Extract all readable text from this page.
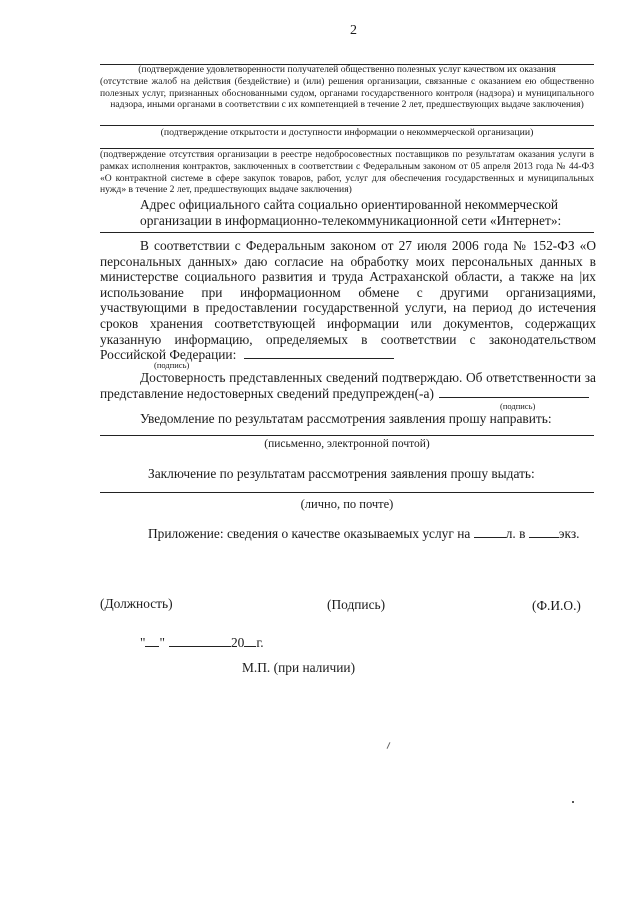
2
(подтверждение удовлетворенности получателей общественно полезных услуг качеством их оказания
(отсутствие жалоб на действия (бездействие) и (или) решения организации, связанные с оказанием ею общественно
полезных услуг, признанных обоснованными судом, органами государственного контроля (надзора) и муниципального
надзора, иными органами в соответствии с их компетенцией в течение 2 лет, предшествующих выдаче заключения)
(подтверждение открытости и доступности информации о некоммерческой организации)
(подтверждение отсутствия организации в реестре недобросовестных поставщиков по результатам оказания услуги в
рамках исполнения контрактов, заключенных в соответствии с Федеральным законом от 05 апреля 2013 года № 44-ФЗ
«О контрактной системе в сфере закупок товаров, работ, услуг для обеспечения государственных и муниципальных
нужд» в течение 2 лет, предшествующих выдаче заключения)
Адрес официального сайта социально ориентированной некоммерческой
организации в информационно-телекоммуникационной сети «Интернет»:
В соответствии с Федеральным законом от 27 июля 2006 года № 152-ФЗ «О
персональных данных» даю согласие на обработку моих персональных данных в
министерстве социального развития и труда Астраханской области, а также на |их
использование при информационном обмене с другими организациями,
участвующими в предоставлении государственной услуги, на период до истечения
сроков хранения соответствующей информации или документов, содержащих
указанную информацию, определяемых в соответствии с законодательством
Российской Федерации:
(подпись)
Достоверность представленных сведений подтверждаю. Об ответственности за
представление недостоверных сведений предупрежден(-а)
(подпись)
Уведомление по результатам рассмотрения заявления прошу направить:
(письменно, электронной почтой)
Заключение по результатам рассмотрения заявления прошу выдать:
(лично, по почте)
Приложение: сведения о качестве оказываемых услуг на	л. в экз.
(Должность)	(Подпись)	(Ф.И.О.)
" "	20 г.
М.П. (при наличии)
